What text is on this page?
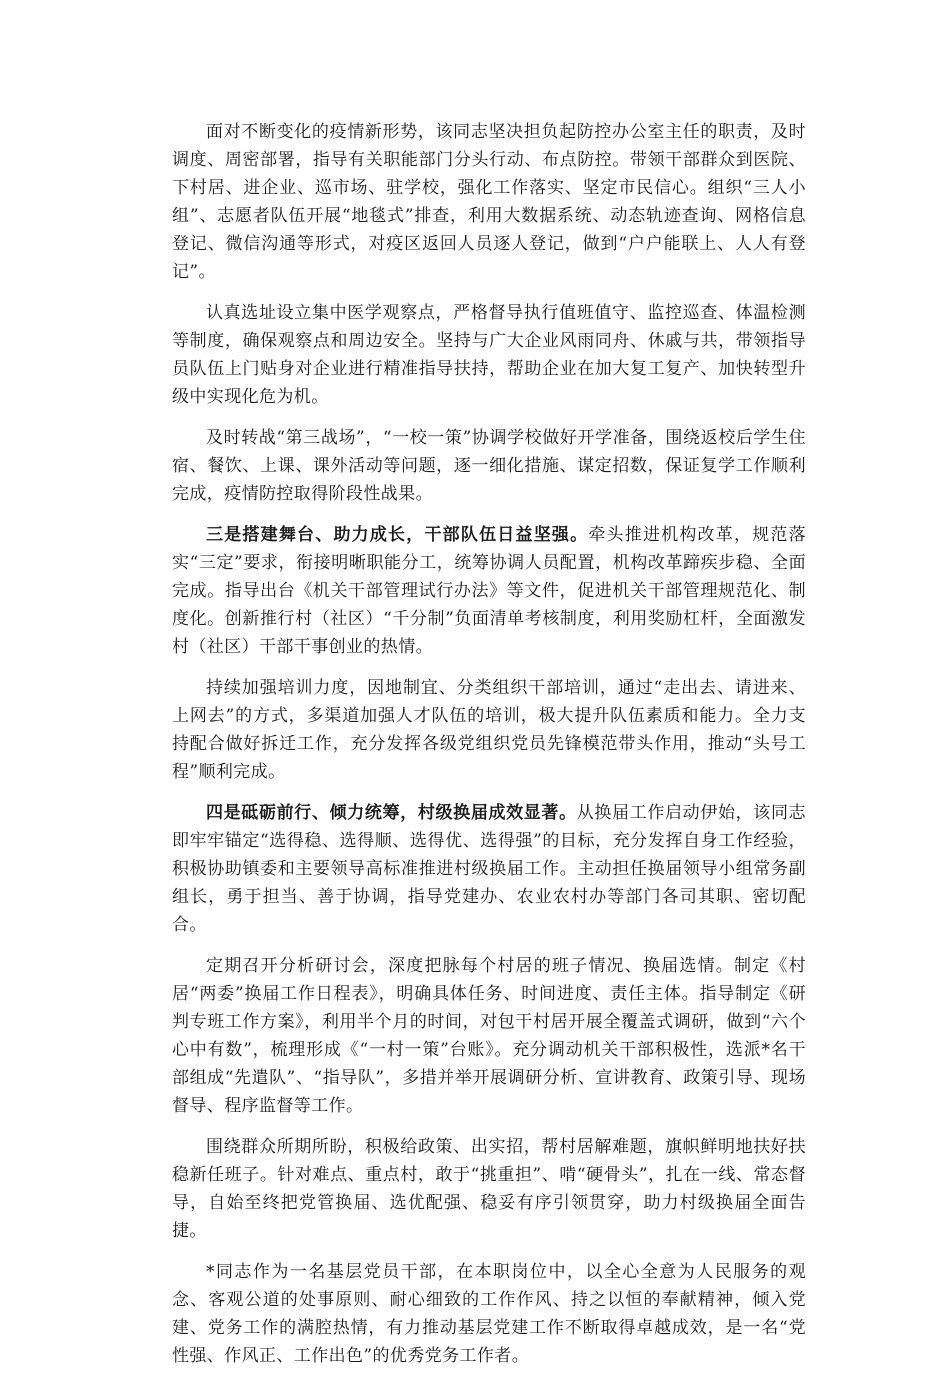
面对不断变化的疫情新形势，该同志坚决担负起防控办公室主任的职责，及时调度、周密部署，指导有关职能部门分头行动、布点防控。带领干部群众到医院、下村居、进企业、巡市场、驻学校，强化工作落实、坚定市民信心。组织“三人小组”、志愿者队伍开展“地毯式”排查，利用大数据系统、动态轨迹查询、网格信息登记、微信沟通等形式，对疫区返回人员逐人登记，做到“户户能联上、人人有登记”。

认真选址设立集中医学观察点，严格督导执行值班值守、监控巡查、体温检测等制度，确保观察点和周边安全。坚持与广大企业风雨同舟、休戚与共，带领指导员队伍上门贴身对企业进行精准指导扶持，帮助企业在加大复工复产、加快转型升级中实现化危为机。

及时转战“第三战场”，“一校一策”协调学校做好开学准备，围绕返校后学生住宿、餐饮、上课、课外活动等问题，逐一细化措施、谋定招数，保证复学工作顺利完成，疫情防控取得阶段性战果。

三是搭建舞台、助力成长，干部队伍日益坚强。牵头推进机构改革，规范落实“三定”要求，衔接明晰职能分工，统筹协调人员配置，机构改革蹄疾步稳、全面完成。指导出台《机关干部管理试行办法》等文件，促进机关干部管理规范化、制度化。创新推行村（社区）“千分制”负面清单考核制度，利用奖励杠杆，全面激发村（社区）干部干事创业的热情。

持续加强培训力度，因地制宜、分类组织干部培训，通过“走出去、请进来、上网去”的方式，多渠道加强人才队伍的培训，极大提升队伍素质和能力。全力支持配合做好拆迁工作，充分发挥各级党组织党员先锋模范带头作用，推动“头号工程”顺利完成。

四是砥砺前行、倾力统筹，村级换届成效显著。从换届工作启动伊始，该同志即牢牢锚定“选得稳、选得顺、选得优、选得强”的目标，充分发挥自身工作经验，积极协助镇委和主要领导高标准推进村级换届工作。主动担任换届领导小组常务副组长，勇于担当、善于协调，指导党建办、农业农村办等部门各司其职、密切配合。

定期召开分析研讨会，深度把脉每个村居的班子情况、换届选情。制定《村居“两委”换届工作日程表》，明确具体任务、时间进度、责任主体。指导制定《研判专班工作方案》，利用半个月的时间，对包干村居开展全覆盖式调研，做到“六个心中有数”，梳理形成《“一村一策”台账》。充分调动机关干部积极性，选派*名干部组成“先遣队”、“指导队”，多措并举开展调研分析、宣讲教育、政策引导、现场督导、程序监督等工作。

围绕群众所期所盼，积极给政策、出实招，帮村居解难题，旗帜鲜明地扶好扶稳新任班子。针对难点、重点村，敢于“挑重担”、啃“硬骨头”，扎在一线、常态督导，自始至终把党管换届、选优配强、稳妥有序引领贯穿，助力村级换届全面告捷。

*同志作为一名基层党员干部，在本职岗位中，以全心全意为人民服务的观念、客观公道的处事原则、耐心细致的工作作风、持之以恒的奉献精神，倾入党建、党务工作的满腔热情，有力推动基层党建工作不断取得卓越成效，是一名“党性强、作风正、工作出色”的优秀党务工作者。
